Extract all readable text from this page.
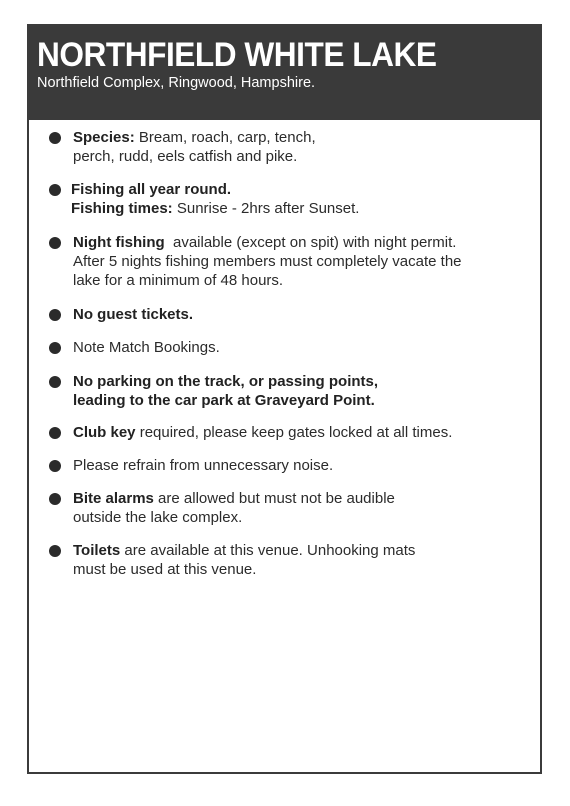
NORTHFIELD WHITE LAKE
Northfield Complex, Ringwood, Hampshire.
Species: Bream, roach, carp, tench,
perch, rudd, eels catfish and pike.
Fishing all year round.
Fishing times: Sunrise - 2hrs after Sunset.
Night fishing  available (except on spit) with night permit.
After 5 nights fishing members must completely vacate the
lake for a minimum of 48 hours.
No guest tickets.
Note Match Bookings.
No parking on the track, or passing points,
leading to the car park at Graveyard Point.
Club key required, please keep gates locked at all times.
Please refrain from unnecessary noise.
Bite alarms are allowed but must not be audible
outside the lake complex.
Toilets are available at this venue. Unhooking mats
must be used at this venue.
